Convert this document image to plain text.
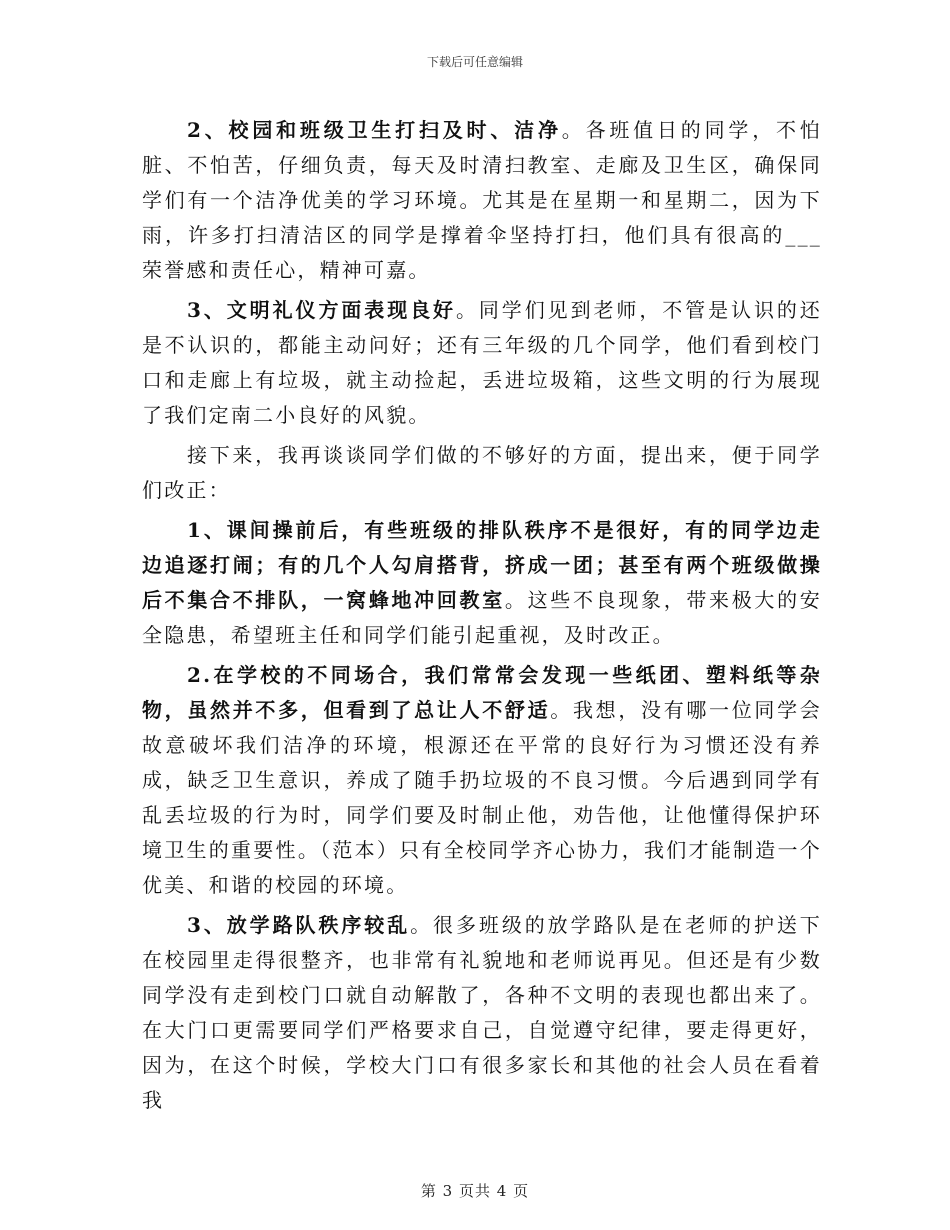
下载后可任意编辑

2、校园和班级卫生打扫及时、洁净。各班值日的同学，不怕脏、不怕苦，仔细负责，每天及时清扫教室、走廊及卫生区，确保同学们有一个洁净优美的学习环境。尤其是在星期一和星期二，因为下雨，许多打扫清洁区的同学是撑着伞坚持打扫，他们具有很高的___荣誉感和责任心，精神可嘉。

3、文明礼仪方面表现良好。同学们见到老师，不管是认识的还是不认识的，都能主动问好；还有三年级的几个同学，他们看到校门口和走廊上有垃圾，就主动捡起，丢进垃圾箱，这些文明的行为展现了我们定南二小良好的风貌。

接下来，我再谈谈同学们做的不够好的方面，提出来，便于同学们改正：

1、课间操前后，有些班级的排队秩序不是很好，有的同学边走边追逐打闹；有的几个人勾肩搭背，挤成一团；甚至有两个班级做操后不集合不排队，一窝蜂地冲回教室。这些不良现象，带来极大的安全隐患，希望班主任和同学们能引起重视，及时改正。

2.在学校的不同场合，我们常常会发现一些纸团、塑料纸等杂物，虽然并不多，但看到了总让人不舒适。我想，没有哪一位同学会故意破坏我们洁净的环境，根源还在平常的良好行为习惯还没有养成，缺乏卫生意识，养成了随手扔垃圾的不良习惯。今后遇到同学有乱丢垃圾的行为时，同学们要及时制止他，劝告他，让他懂得保护环境卫生的重要性。（范本）只有全校同学齐心协力，我们才能制造一个优美、和谐的校园的环境。

3、放学路队秩序较乱。很多班级的放学路队是在老师的护送下在校园里走得很整齐，也非常有礼貌地和老师说再见。但还是有少数同学没有走到校门口就自动解散了，各种不文明的表现也都出来了。在大门口更需要同学们严格要求自己，自觉遵守纪律，要走得更好，因为，在这个时候，学校大门口有很多家长和其他的社会人员在看着我

第 3 页共 4 页
